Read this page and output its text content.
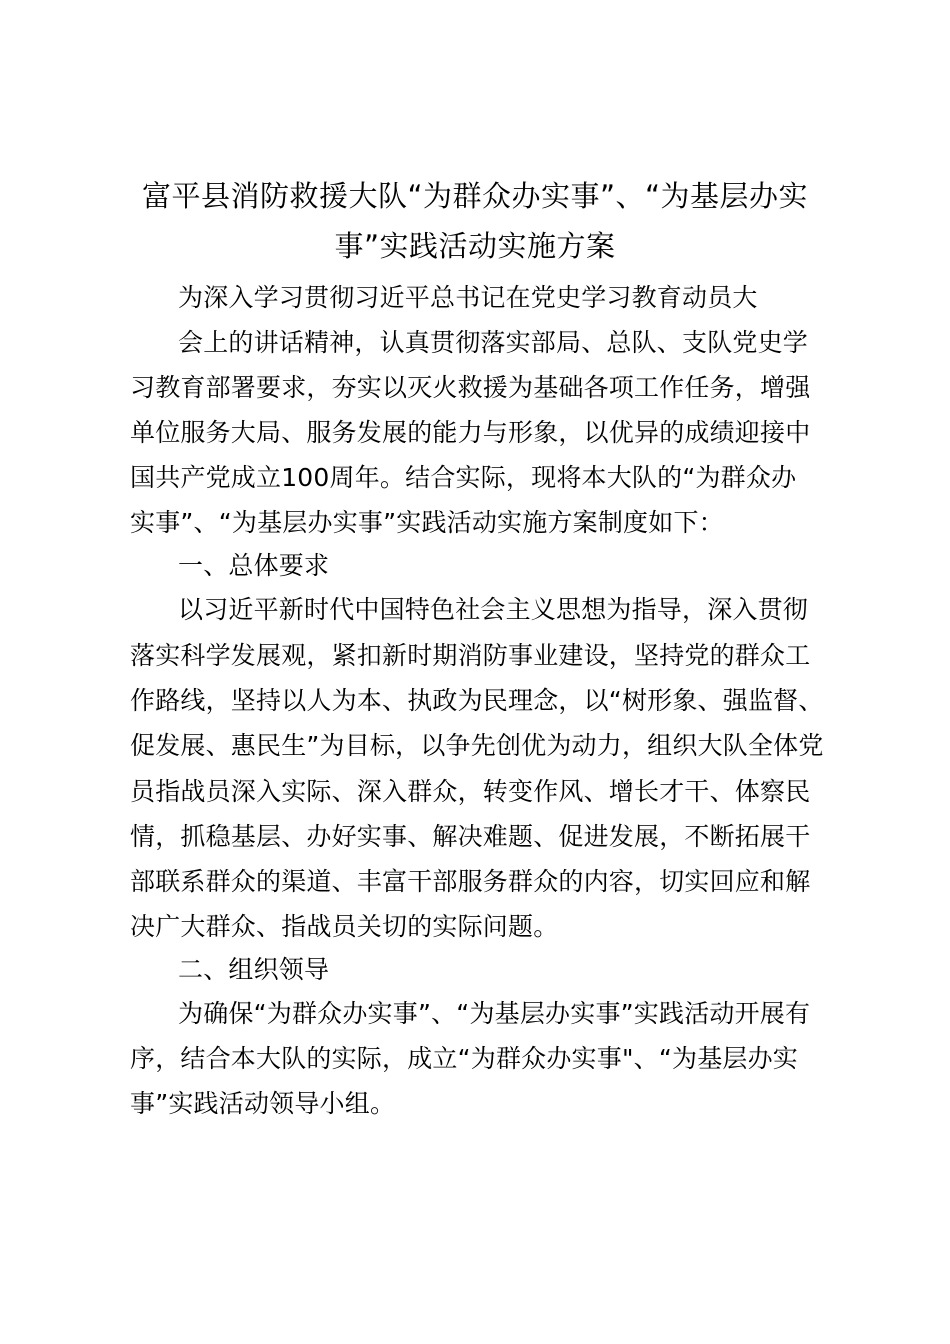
富平县消防救援大队“为群众办实事”、“为基层办实
事”实践活动实施方案
为深入学习贯彻习近平总书记在党史学习教育动员大
会上的讲话精神，认真贯彻落实部局、总队、支队党史学
习教育部署要求，夯实以灭火救援为基础各项工作任务，增强
单位服务大局、服务发展的能力与形象，以优异的成绩迎接中
国共产党成立100周年。结合实际，现将本大队的“为群众办
实事”、“为基层办实事”实践活动实施方案制度如下：
一、总体要求
以习近平新时代中国特色社会主义思想为指导，深入贯彻
落实科学发展观，紧扣新时期消防事业建设，坚持党的群众工
作路线，坚持以人为本、执政为民理念，以“树形象、强监督、
促发展、惠民生”为目标，以争先创优为动力，组织大队全体党
员指战员深入实际、深入群众，转变作风、增长才干、体察民
情，抓稳基层、办好实事、解决难题、促进发展，不断拓展干
部联系群众的渠道、丰富干部服务群众的内容，切实回应和解
决广大群众、指战员关切的实际问题。
二、组织领导
为确保“为群众办实事”、“为基层办实事”实践活动开展有
序，结合本大队的实际，成立“为群众办实事"、“为基层办实
事”实践活动领导小组。
